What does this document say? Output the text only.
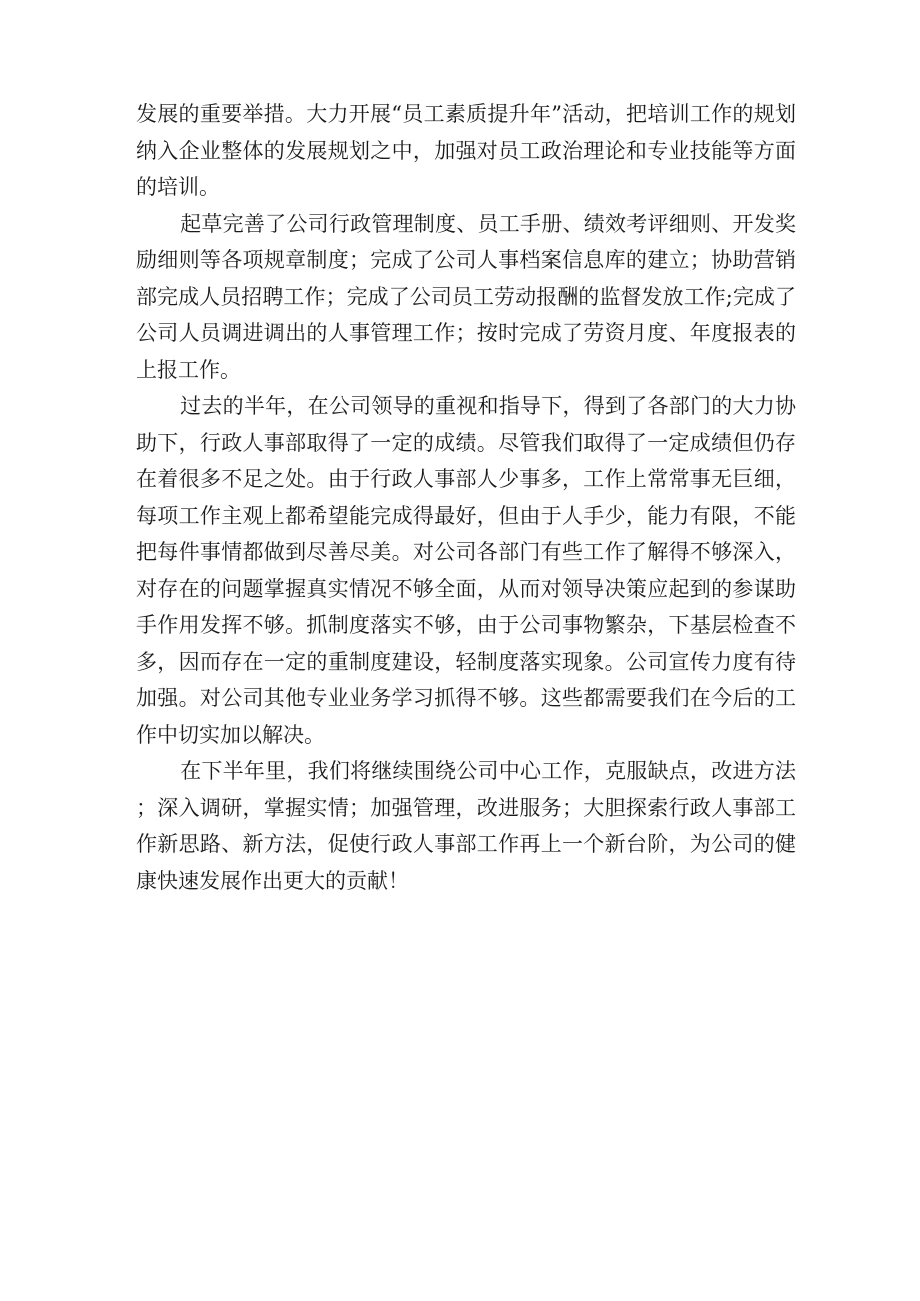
发展的重要举措。大力开展“员工素质提升年”活动，把培训工作的规划纳入企业整体的发展规划之中，加强对员工政治理论和专业技能等方面的培训。

起草完善了公司行政管理制度、员工手册、绩效考评细则、开发奖励细则等各项规章制度；完成了公司人事档案信息库的建立；协助营销部完成人员招聘工作；完成了公司员工劳动报酬的监督发放工作;完成了公司人员调进调出的人事管理工作；按时完成了劳资月度、年度报表的上报工作。

过去的半年，在公司领导的重视和指导下，得到了各部门的大力协助下，行政人事部取得了一定的成绩。尽管我们取得了一定成绩但仍存在着很多不足之处。由于行政人事部人少事多，工作上常常事无巨细，每项工作主观上都希望能完成得最好，但由于人手少，能力有限，不能把每件事情都做到尽善尽美。对公司各部门有些工作了解得不够深入，对存在的问题掌握真实情况不够全面，从而对领导决策应起到的参谋助手作用发挥不够。抓制度落实不够，由于公司事物繁杂，下基层检查不多，因而存在一定的重制度建设，轻制度落实现象。公司宣传力度有待加强。对公司其他专业业务学习抓得不够。这些都需要我们在今后的工作中切实加以解决。

在下半年里，我们将继续围绕公司中心工作，克服缺点，改进方法；深入调研，掌握实情；加强管理，改进服务；大胆探索行政人事部工作新思路、新方法，促使行政人事部工作再上一个新台阶，为公司的健康快速发展作出更大的贡献！
